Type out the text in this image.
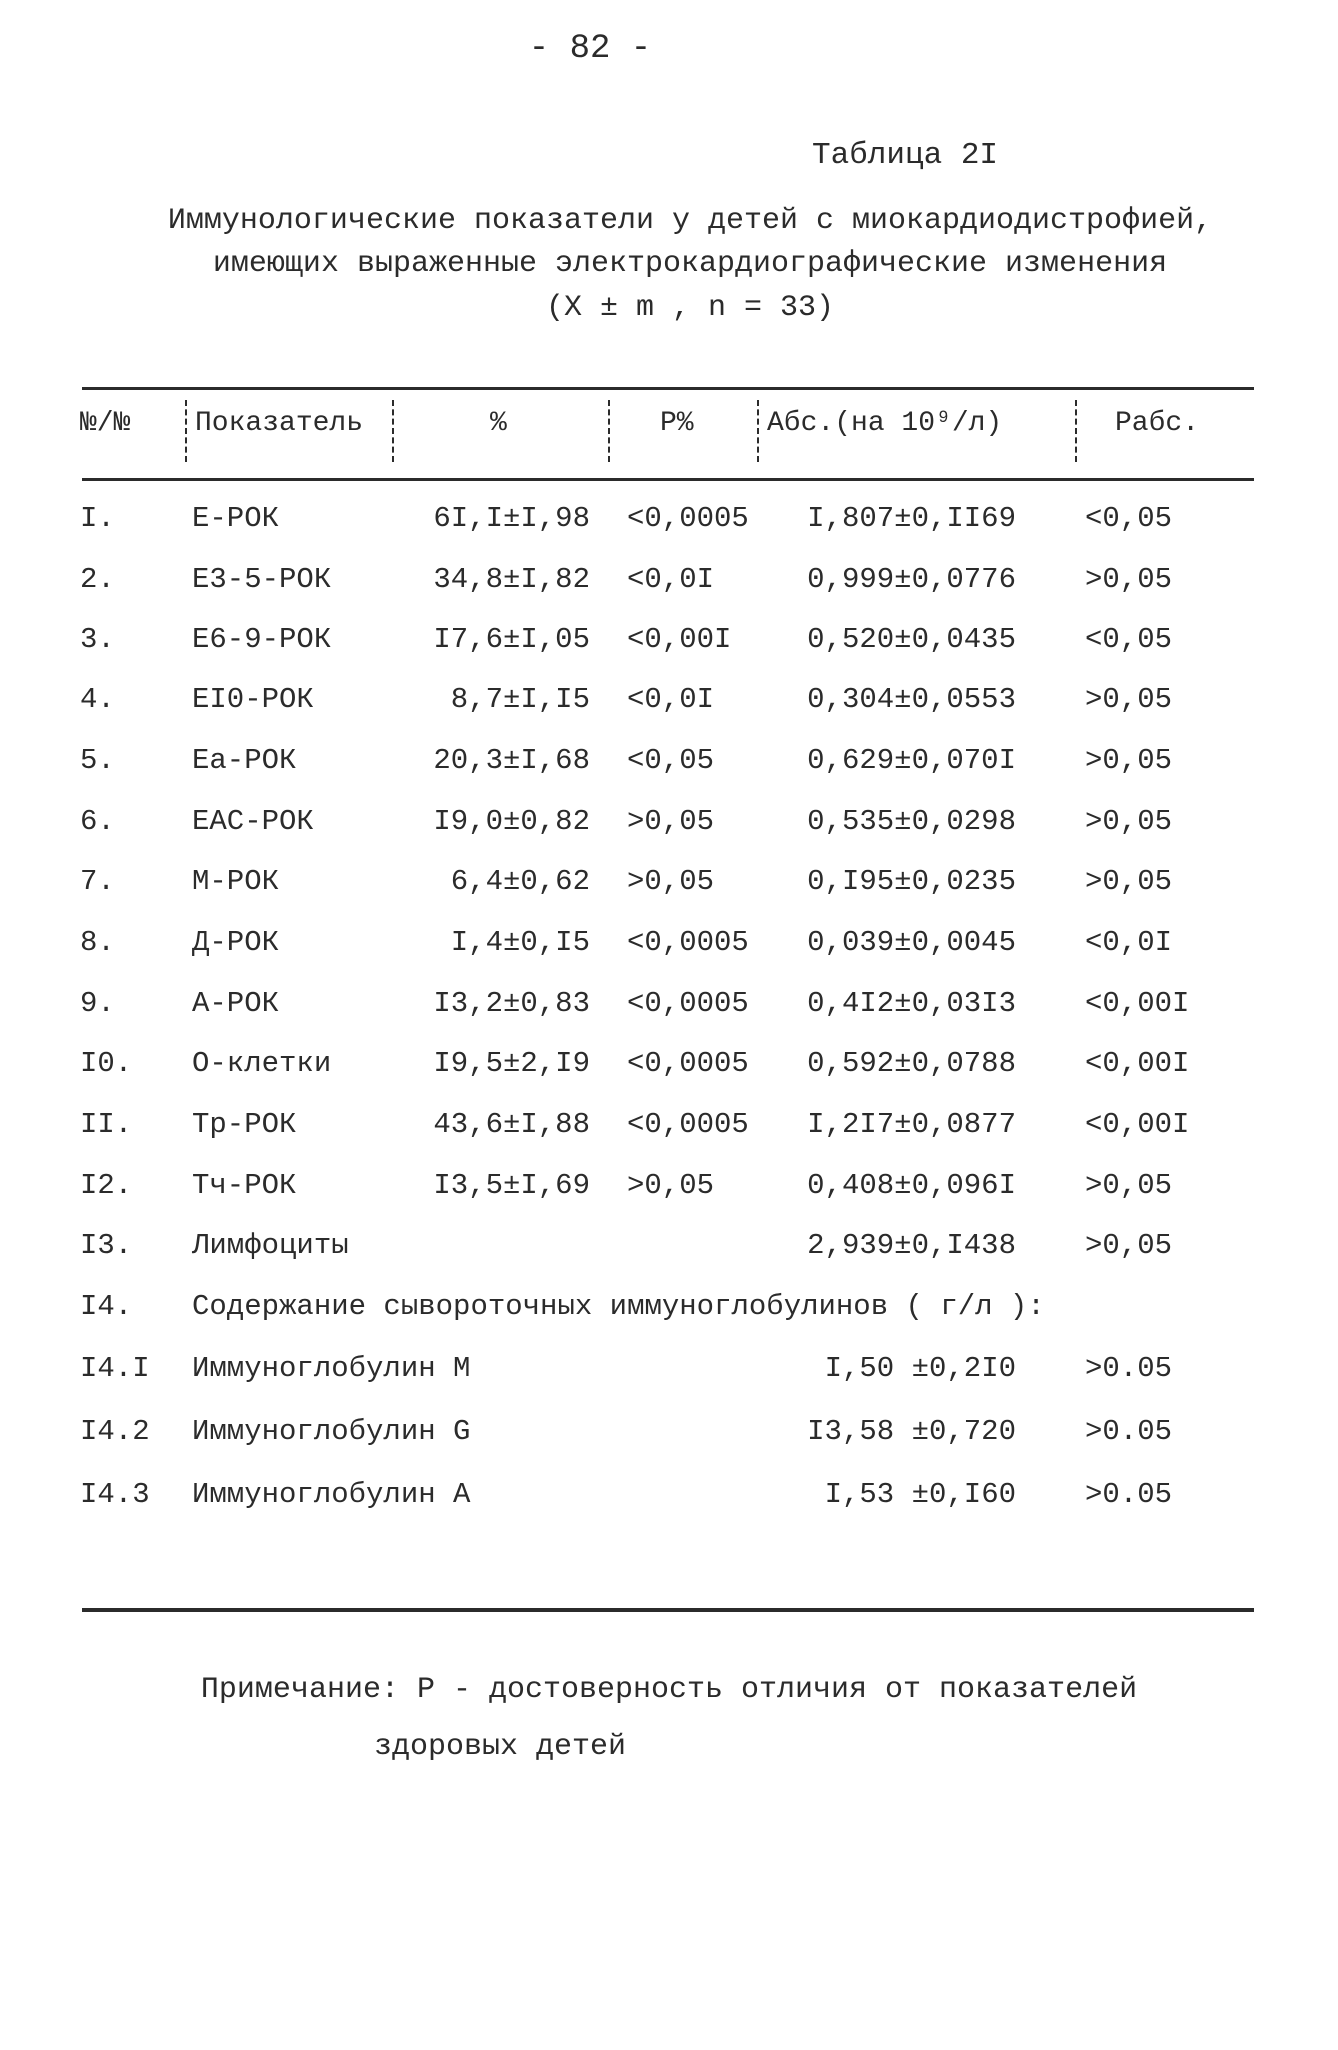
- 82 -
Таблица 2I
Иммунологические показатели у детей с миокардиодистрофией,
имеющих выраженные электрокардиографические изменения
(X ± m , n = 33)
№/№ Показатель	%	P%	Абс.(на 10⁹/л)	Pабс.
I.	E-РОК	6I,I±I,98 <0,0005	I,807±0,II69 <0,05
2.	E3-5-РОК	34,8±I,82 <0,0I	0,999±0,0776 >0,05
3.	E6-9-РОК	I7,6±I,05 <0,00I	0,520±0,0435 <0,05
4.	EI0-РОК	8,7±I,I5 <0,0I	0,304±0,0553 >0,05
5.	Ea-РОК	20,3±I,68 <0,05	0,629±0,070I >0,05
6.	EАС-РОК	I9,0±0,82 >0,05	0,535±0,0298 >0,05
7.	M-РОК	6,4±0,62 >0,05	0,I95±0,0235 >0,05
8.	Д-РОК	I,4±0,I5 <0,0005	0,039±0,0045 <0,0I
9.	A-РОК	I3,2±0,83 <0,0005	0,4I2±0,03I3 <0,00I
I0. O-клетки	I9,5±2,I9 <0,0005	0,592±0,0788 <0,00I
II. Tp-РОК	43,6±I,88 <0,0005	I,2I7±0,0877 <0,00I
I2. Tч-РОК	I3,5±I,69 >0,05	0,408±0,096I >0,05
I3. Лимфоциты	2,939±0,I438 >0,05
I4. Содержание сывороточных иммуноглобулинов ( г/л ):
I4.I Иммуноглобулин M	I,50 ±0,2I0 >0.05
I4.2 Иммуноглобулин G	I3,58 ±0,720 >0.05
I4.3 Иммуноглобулин A	I,53 ±0,I60 >0.05
Примечание: P - достоверность отличия от показателей
здоровых детей
